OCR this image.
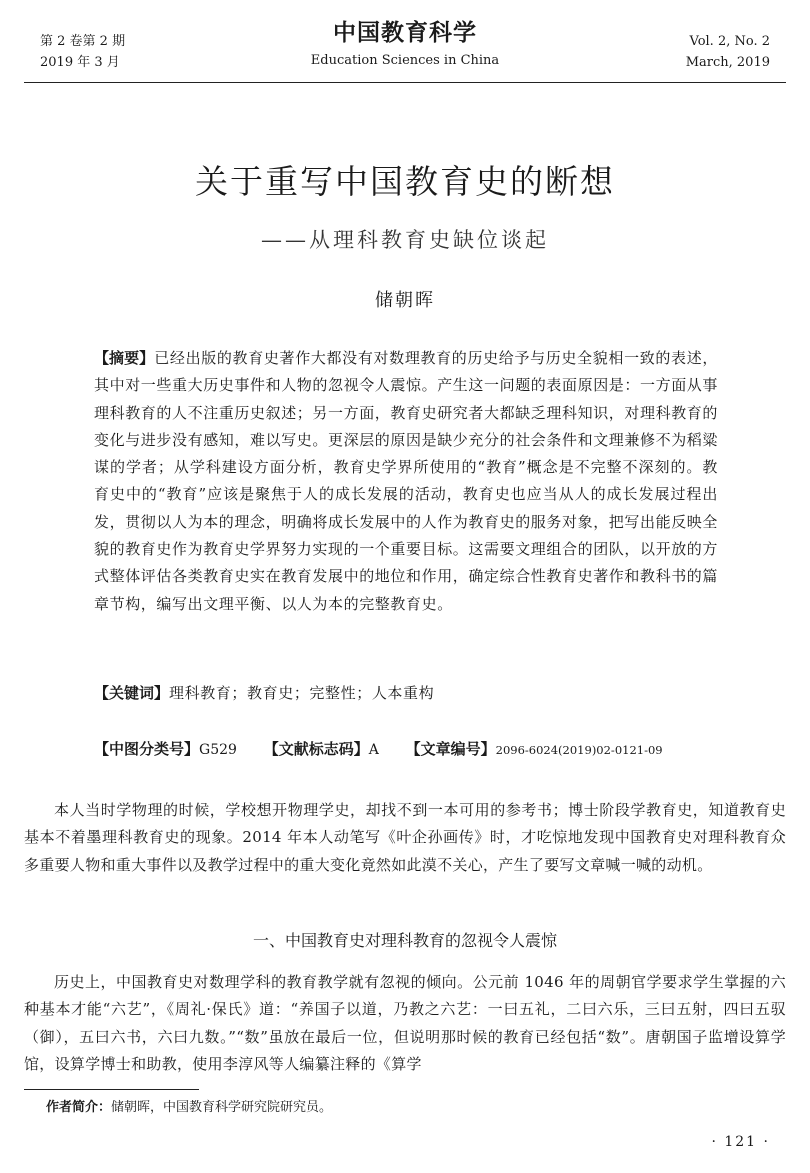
第 2 卷第 2 期
2019 年 3 月
中国教育科学
Education Sciences in China
Vol. 2, No. 2
March, 2019
关于重写中国教育史的断想
——从理科教育史缺位谈起
储朝晖
【摘要】已经出版的教育史著作大都没有对数理教育的历史给予与历史全貌相一致的表述，其中对一些重大历史事件和人物的忽视令人震惊。产生这一问题的表面原因是：一方面从事理科教育的人不注重历史叙述；另一方面，教育史研究者大都缺乏理科知识，对理科教育的变化与进步没有感知，难以写史。更深层的原因是缺少充分的社会条件和文理兼修不为稻粱谋的学者；从学科建设方面分析，教育史学界所使用的“教育”概念是不完整不深刻的。教育史中的“教育”应该是聚焦于人的成长发展的活动，教育史也应当从人的成长发展过程出发，贯彻以人为本的理念，明确将成长发展中的人作为教育史的服务对象，把写出能反映全貌的教育史作为教育史学界努力实现的一个重要目标。这需要文理组合的团队，以开放的方式整体评估各类教育史实在教育发展中的地位和作用，确定综合性教育史著作和教科书的篇章节构，编写出文理平衡、以人为本的完整教育史。
【关键词】理科教育；教育史；完整性；人本重构
【中图分类号】G529 【文献标志码】A 【文章编号】2096-6024(2019)02-0121-09

本人当时学物理的时候，学校想开物理学史，却找不到一本可用的参考书；博士阶段学教育史，知道教育史基本不着墨理科教育史的现象。2014 年本人动笔写《叶企孙画传》时，才吃惊地发现中国教育史对理科教育众多重要人物和重大事件以及教学过程中的重大变化竟然如此漠不关心，产生了要写文章喊一喊的动机。

一、中国教育史对理科教育的忽视令人震惊

历史上，中国教育史对数理学科的教育教学就有忽视的倾向。公元前 1046 年的周朝官学要求学生掌握的六种基本才能“六艺”，《周礼·保氏》道：“养国子以道，乃教之六艺：一曰五礼，二曰六乐，三曰五射，四曰五驭（御），五曰六书，六曰九数。”“数”虽放在最后一位，但说明那时候的教育已经包括“数”。唐朝国子监增设算学馆，设算学博士和助教，使用李淳风等人编纂注释的《算学

作者简介：储朝晖，中国教育科学研究院研究员。
· 121 ·
